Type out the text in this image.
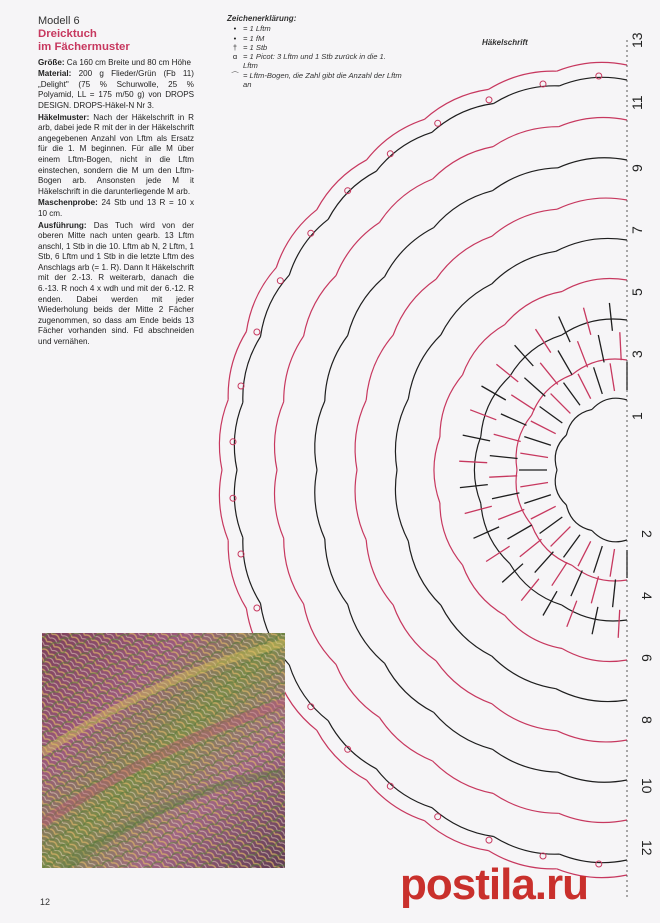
Modell 6
Dreicktuch
im Fächermuster

Größe: Ca 160 cm Breite und 80 cm Höhe

Material: 200 g Flieder/Grün (Fb 11) „Delight" (75 % Schurwolle, 25 % Polyamid, LL = 175 m/50 g) von DROPS DESIGN. DROPS-Häkel-N Nr 3.

Häkelmuster: Nach der Häkelschrift in R arb, dabei jede R mit der in der Häkelschrift angegebenen Anzahl von Lftm als Ersatz für die 1. M beginnen. Für alle M über einem Lftm-Bogen, nicht in die Lftm einstechen, sondern die M um den Lftm-Bogen arb. Ansonsten jede M it Häkelschrift in die darunterliegende M arb.

Maschenprobe: 24 Stb und 13 R = 10 x 10 cm.

Ausführung: Das Tuch wird von der oberen Mitte nach unten gearb. 13 Lftm anschl, 1 Stb in die 10. Lftm ab N, 2 Lftm, 1 Stb, 6 Lftm und 1 Stb in die letzte Lftm des Anschlags arb (= 1. R). Dann lt Häkelschrift mit der 2.-13. R weiterarb, danach die 6.-13. R noch 4 x wdh und mit der 6.-12. R enden. Dabei werden mit jeder Wiederholung beids der Mitte 2 Fächer zugenommen, so dass am Ende beids 13 Fächer vorhanden sind. Fd abschneiden und vernähen.

Zeichenerklärung:
• = 1 Lftm
• = 1 fM
† = 1 Stb
ɑ = 1 Picot: 3 Lftm und 1 Stb zurück in die 1. Lftm
⌒ = Lftm-Bogen, die Zahl gibt die Anzahl der Lftm an
Häkelschrift
1
3
5
7
9
11
13
2
4
6
8
10
12
12	postila.ru
